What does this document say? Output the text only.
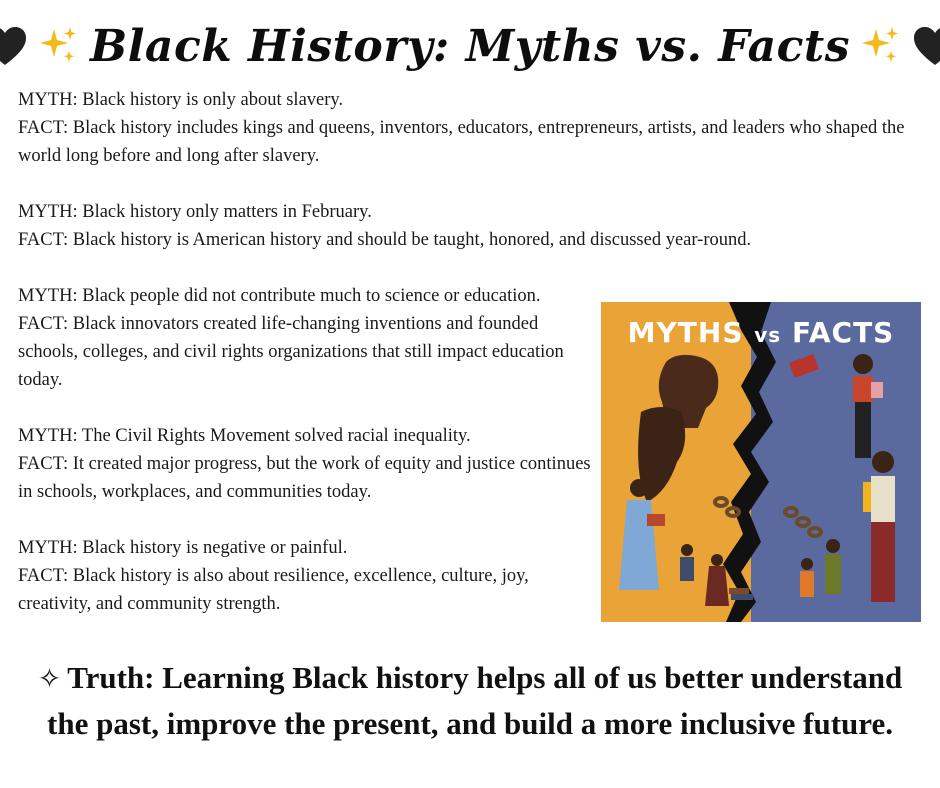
Black History: Myths vs. Facts

MYTH: Black history is only about slavery.

FACT: Black history includes kings and queens, inventors, educators, entrepreneurs, artists, and leaders who shaped the world long before and long after slavery.

MYTH: Black history only matters in February.

FACT: Black history is American history and should be taught, honored, and discussed year-round.

MYTH: Black people did not contribute much to science or education.

FACT: Black innovators created life-changing inventions and founded schools, colleges, and civil rights organizations that still impact education today.

MYTH: The Civil Rights Movement solved racial inequality.

FACT: It created major progress, but the work of equity and justice continues in schools, workplaces, and communities today.

MYTH: Black history is negative or painful.

FACT: Black history is also about resilience, excellence, culture, joy, creativity, and community strength.

MYTHS vs FACTS
✧ Truth: Learning Black history helps all of us better understand the past, improve the present, and build a more inclusive future.
